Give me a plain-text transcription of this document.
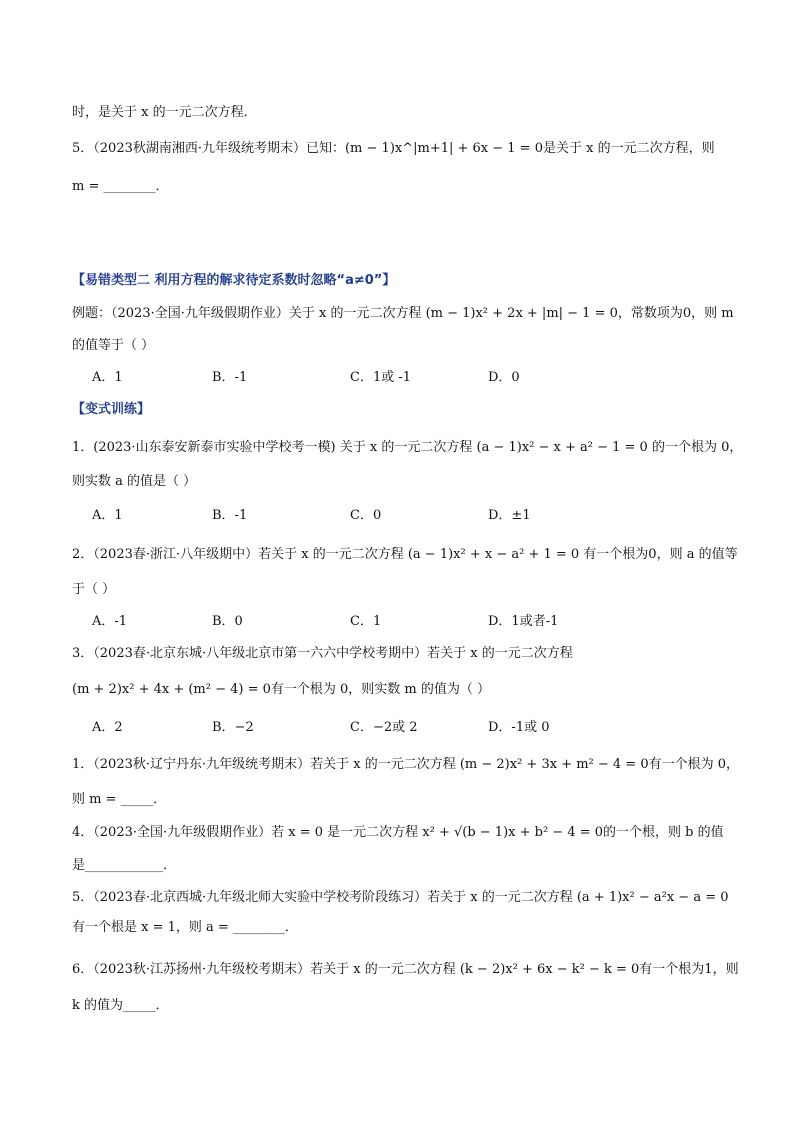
时，是关于 x 的一元二次方程．
5．（2023秋湖南湘西·九年级统考期末）已知：(m − 1)x^|m+1| + 6x − 1 = 0是关于 x 的一元二次方程，则
m = ________．
【易错类型二 利用方程的解求待定系数时忽略“a≠0”】
例题：（2023·全国·九年级假期作业）关于 x 的一元二次方程 (m − 1)x² + 2x + |m| − 1 = 0，常数项为0，则 m
的值等于（ ）
A．1	B．-1	C．1或 -1	D．0
【变式训练】
1．(2023·山东泰安新泰市实验中学校考一模) 关于 x 的一元二次方程 (a − 1)x² − x + a² − 1 = 0 的一个根为 0，
则实数 a 的值是（ ）
A．1	B．-1	C．0	D．±1
2．（2023春·浙江·八年级期中）若关于 x 的一元二次方程 (a − 1)x² + x − a² + 1 = 0 有一个根为0，则 a 的值等
于（ ）
A．-1	B．0	C．1	D．1或者-1
3．（2023春·北京东城·八年级北京市第一六六中学校考期中）若关于 x 的一元二次方程
(m + 2)x² + 4x + (m² − 4) = 0有一个根为 0，则实数 m 的值为（ ）
A．2	B．−2	C．−2或 2	D．-1或 0
1．（2023秋·辽宁丹东·九年级统考期末）若关于 x 的一元二次方程 (m − 2)x² + 3x + m² − 4 = 0有一个根为 0，
则 m = _____．
4．（2023·全国·九年级假期作业）若 x = 0 是一元二次方程 x² + √(b − 1)x + b² − 4 = 0的一个根，则 b 的值
是____________．
5．（2023春·北京西城·九年级北师大实验中学校考阶段练习）若关于 x 的一元二次方程 (a + 1)x² − a²x − a = 0
有一个根是 x = 1，则 a = ________．
6．（2023秋·江苏扬州·九年级校考期末）若关于 x 的一元二次方程 (k − 2)x² + 6x − k² − k = 0有一个根为1，则
k 的值为_____．
